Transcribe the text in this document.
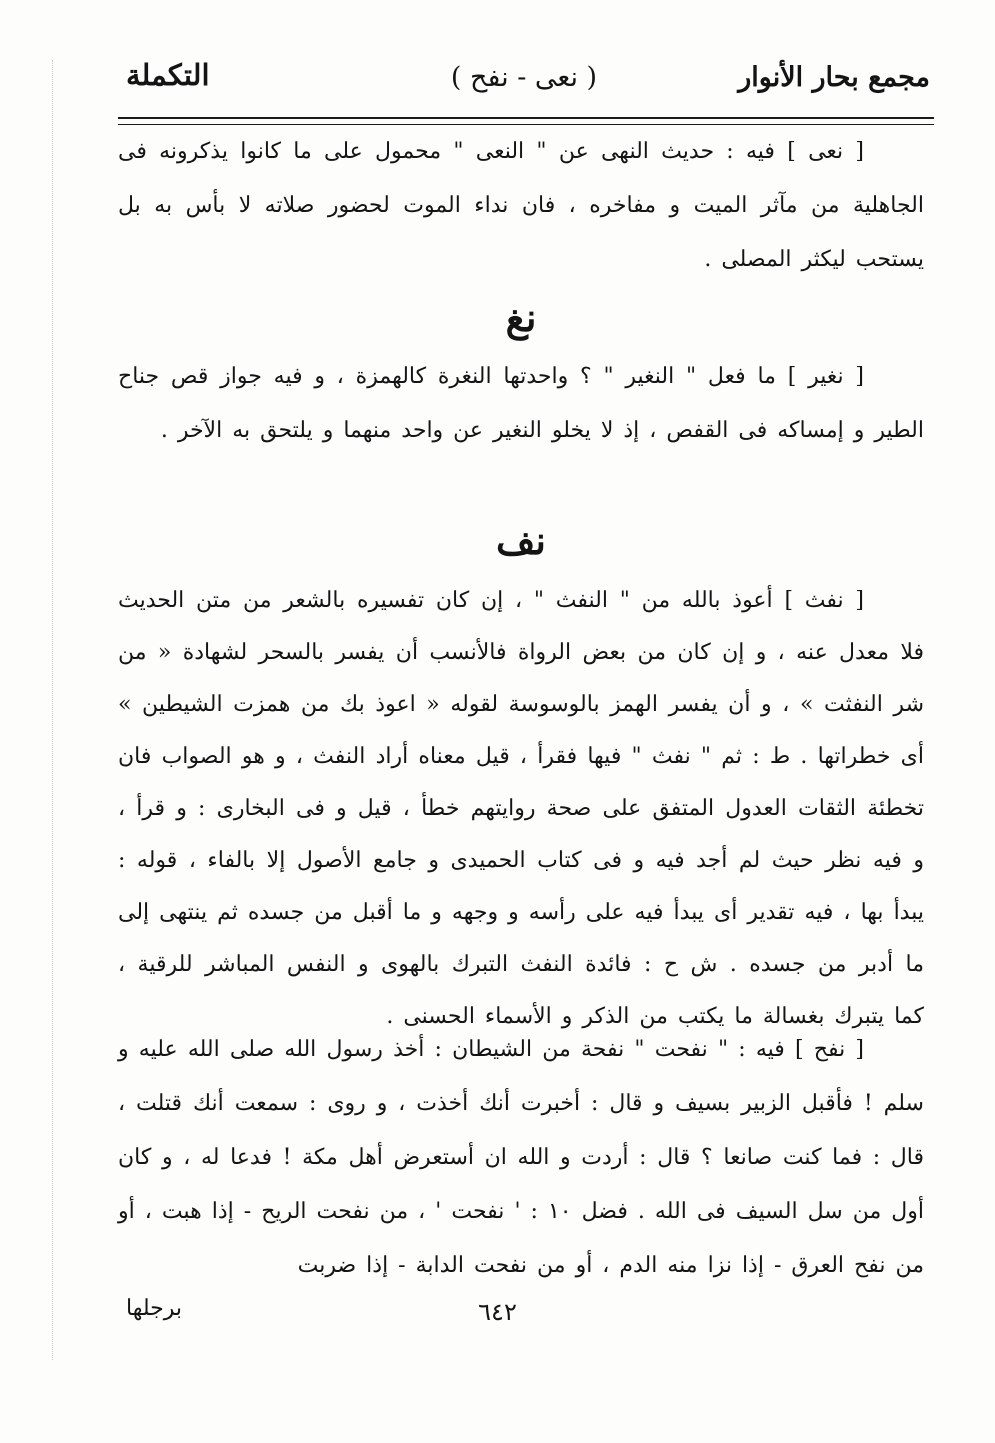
مجمع بحار الأنوار
( نعى - نفح )
التكملة

[ نعى ] فيه : حديث النهى عن " النعى " محمول على ما كانوا يذكرونه فى الجاهلية من مآثر الميت و مفاخره ، فان نداء الموت لحضور صلاته لا بأس به بل يستحب ليكثر المصلى .

نغ

[ نغير ] ما فعل " النغير " ؟ واحدتها النغرة كالهمزة ، و فيه جواز قص جناح الطير و إمساكه فى القفص ، إذ لا يخلو النغير عن واحد منهما و يلتحق به الآخر .

نف

[ نفث ] أعوذ بالله من " النفث " ، إن كان تفسيره بالشعر من متن الحديث فلا معدل عنه ، و إن كان من بعض الرواة فالأنسب أن يفسر بالسحر لشهادة « من شر النفثت » ، و أن يفسر الهمز بالوسوسة لقوله « اعوذ بك من همزت الشيطين » أى خطراتها . ط : ثم " نفث " فيها فقرأ ، قيل معناه أراد النفث ، و هو الصواب فان تخطئة الثقات العدول المتفق على صحة روايتهم خطأ ، قيل و فى البخارى : و قرأ ، و فيه نظر حيث لم أجد فيه و فى كتاب الحميدى و جامع الأصول إلا بالفاء ، قوله : يبدأ بها ، فيه تقدير أى يبدأ فيه على رأسه و وجهه و ما أقبل من جسده ثم ينتهى إلى ما أدبر من جسده . ش ح : فائدة النفث التبرك بالهوى و النفس المباشر للرقية ، كما يتبرك بغسالة ما يكتب من الذكر و الأسماء الحسنى .

[ نفح ] فيه : " نفحت " نفحة من الشيطان : أخذ رسول الله صلى الله عليه و سلم ! فأقبل الزبير بسيف و قال : أخبرت أنك أخذت ، و روى : سمعت أنك قتلت ، قال : فما كنت صانعا ؟ قال : أردت و الله ان أستعرض أهل مكة ! فدعا له ، و كان أول من سل السيف فى الله . فضل ١٠ : ' نفحت ' ، من نفحت الريح - إذا هبت ، أو من نفح العرق - إذا نزا منه الدم ، أو من نفحت الدابة - إذا ضربت

٦٤٢
برجلها
